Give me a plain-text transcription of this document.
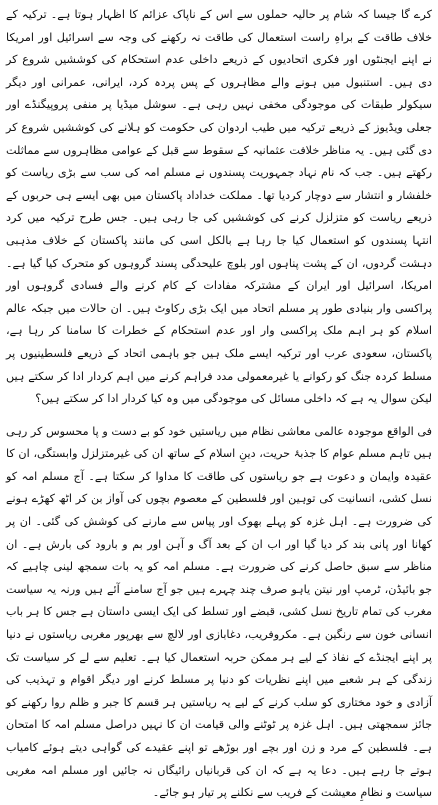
کرے گا جیسا کہ شام پر حالیہ حملوں سے اس کے ناپاک عزائم کا اظہار ہوتا ہے۔ ترکیہ کے خلاف طاقت کے براہِ راست استعمال کی طاقت نہ رکھنے کی وجہ سے اسرائیل اور امریکا نے اپنے ایجنٹوں اور فکری اتحادیوں کے ذریعے داخلی عدم استحکام کی کوششیں شروع کر دی ہیں۔ استنبول میں ہونے والے مظاہروں کے پس پردہ کرد، ایرانی، عمرانی اور دیگر سیکولر طبقات کی موجودگی مخفی نہیں رہی ہے۔ سوشل میڈیا پر منفی پروپیگنڈے اور جعلی ویڈیوز کے ذریعے ترکیہ میں طیب اردوان کی حکومت کو ہلانے کی کوششیں شروع کر دی گئی ہیں۔ یہ مناظر خلافت عثمانیہ کے سقوط سے قبل کے عوامی مظاہروں سے مماثلت رکھتے ہیں۔ جب کہ نام نہاد جمہوریت پسندوں نے مسلم امہ کی سب سے بڑی ریاست کو خلفشار و انتشار سے دوچار کردیا تھا۔ مملکت خداداد پاکستان میں بھی ایسے ہی حربوں کے ذریعے ریاست کو متزلزل کرنے کی کوششیں کی جا رہی ہیں۔ جس طرح ترکیہ میں کرد انتہا پسندوں کو استعمال کیا جا رہا ہے بالکل اسی کی مانند پاکستان کے خلاف مذہبی دہشت گردوں، ان کے پشت پناہوں اور بلوچ علیحدگی پسند گروہوں کو متحرک کیا گیا ہے۔ امریکا، اسرائیل اور ایران کے مشترکہ مفادات کے کام کرنے والے فسادی گروہوں اور پراکسی وار بنیادی طور پر مسلم اتحاد میں ایک بڑی رکاوٹ ہیں۔ ان حالات میں جبکہ عالم اسلام کو ہر اہم ملک پراکسی وار اور عدم استحکام کے خطرات کا سامنا کر رہا ہے، پاکستان، سعودی عرب اور ترکیہ ایسے ملک ہیں جو باہمی اتحاد کے ذریعے فلسطینیوں پر مسلط کردہ جنگ کو رکوانے یا غیرمعمولی مدد فراہم کرنے میں اہم کردار ادا کر سکتے ہیں لیکن سوال یہ ہے کہ داخلی مسائل کی موجودگی میں وہ کیا کردار ادا کر سکتے ہیں؟

فی الواقع موجودہ عالمی معاشی نظام میں ریاستیں خود کو بے دست و پا محسوس کر رہی ہیں تاہم مسلم عوام کا جذبۂ حریت، دینِ اسلام کے ساتھ ان کی غیرمتزلزل وابستگی، ان کا عقیدہ وایمان و دعوت ہے جو ریاستوں کی طاقت کا مداوا کر سکتا ہے۔ آج مسلم امہ کو نسل کشی، انسانیت کی توہین اور فلسطین کے معصوم بچوں کی آواز بن کر اٹھ کھڑے ہونے کی ضرورت ہے۔ اہل غزہ کو پہلے بھوک اور پیاس سے مارنے کی کوشش کی گئی۔ ان پر کھانا اور پانی بند کر دیا گیا اور اب ان کے بعد آگ و آہن اور بم و بارود کی بارش ہے۔ ان مناظر سے سبق حاصل کرنے کی ضرورت ہے۔ مسلم امہ کو یہ بات سمجھ لینی چاہیے کہ جو بائیڈن، ٹرمپ اور نیتن یاہو صرف چند چہرے ہیں جو آج سامنے آئے ہیں ورنہ یہ سیاست مغرب کی تمام تاریخ نسل کشی، قبضے اور تسلط کی ایک ایسی داستان ہے جس کا ہر باب انسانی خون سے رنگین ہے۔ مکروفریب، دغابازی اور لالچ سے بھرپور مغربی ریاستوں نے دنیا پر اپنے ایجنڈے کے نفاذ کے لیے ہر ممکن حربہ استعمال کیا ہے۔ تعلیم سے لے کر سیاست تک زندگی کے ہر شعبے میں اپنے نظریات کو دنیا پر مسلط کرنے اور دیگر اقوام و تہذیب کی آزادی و خود مختاری کو سلب کرنے کے لیے یہ ریاستیں ہر قسم کا جبر و ظلم روا رکھنے کو جائز سمجھتی ہیں۔ اہل غزہ پر ٹوٹنے والی قیامت ان کا نہیں دراصل مسلم امہ کا امتحان ہے۔ فلسطین کے مرد و زن اور بچے اور بوڑھے تو اپنے عقیدے کی گواہی دیتے ہوئے کامیاب ہوتے جا رہے ہیں۔ دعا یہ ہے کہ ان کی قربانیاں رائیگاں نہ جائیں اور مسلم امہ مغربی سیاست و نظامِ معیشت کے فریب سے نکلنے پر تیار ہو جائے۔
